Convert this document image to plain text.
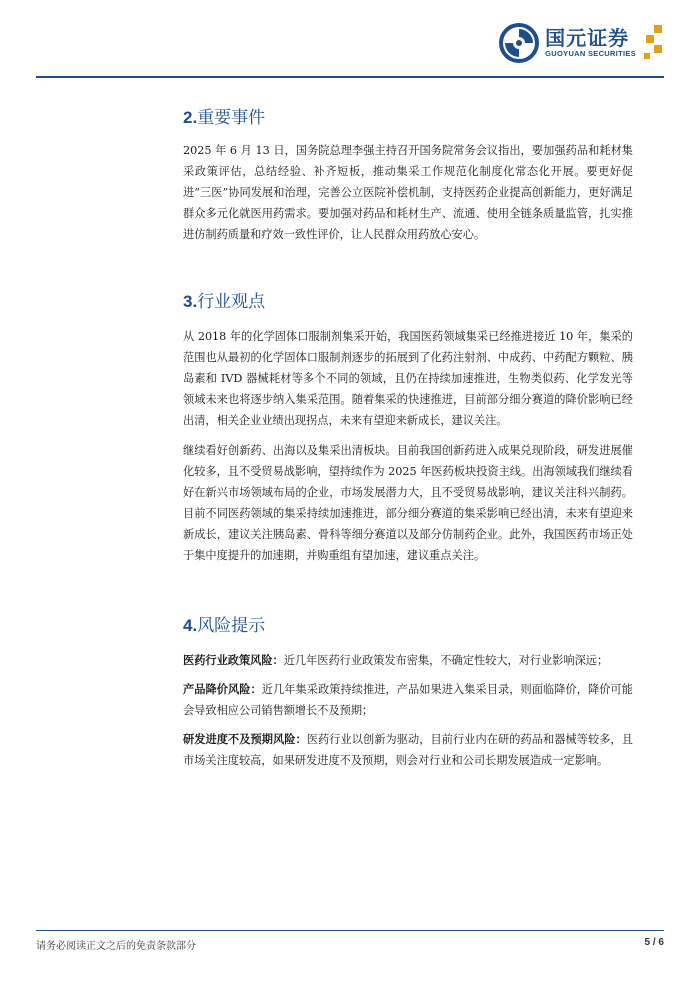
国元证券
GUOYUAN SECURITIES
2.重要事件

2025 年 6 月 13 日，国务院总理李强主持召开国务院常务会议指出，要加强药品和耗材集采政策评估，总结经验、补齐短板，推动集采工作规范化制度化常态化开展。要更好促进“三医”协同发展和治理，完善公立医院补偿机制，支持医药企业提高创新能力，更好满足群众多元化就医用药需求。要加强对药品和耗材生产、流通、使用全链条质量监管，扎实推进仿制药质量和疗效一致性评价，让人民群众用药放心安心。

3.行业观点

从 2018 年的化学固体口服制剂集采开始，我国医药领域集采已经推进接近 10 年，集采的范围也从最初的化学固体口服制剂逐步的拓展到了化药注射剂、中成药、中药配方颗粒、胰岛素和 IVD 器械耗材等多个不同的领域，且仍在持续加速推进，生物类似药、化学发光等领域未来也将逐步纳入集采范围。随着集采的快速推进，目前部分细分赛道的降价影响已经出清，相关企业业绩出现拐点，未来有望迎来新成长，建议关注。

继续看好创新药、出海以及集采出清板块。目前我国创新药进入成果兑现阶段，研发进展催化较多，且不受贸易战影响，望持续作为 2025 年医药板块投资主线。出海领域我们继续看好在新兴市场领域布局的企业，市场发展潜力大，且不受贸易战影响，建议关注科兴制药。目前不同医药领域的集采持续加速推进，部分细分赛道的集采影响已经出清，未来有望迎来新成长，建议关注胰岛素、骨科等细分赛道以及部分仿制药企业。此外，我国医药市场正处于集中度提升的加速期，并购重组有望加速，建议重点关注。

4.风险提示

医药行业政策风险：近几年医药行业政策发布密集，不确定性较大，对行业影响深远；

产品降价风险：近几年集采政策持续推进，产品如果进入集采目录，则面临降价，降价可能会导致相应公司销售额增长不及预期；

研发进度不及预期风险：医药行业以创新为驱动，目前行业内在研的药品和器械等较多，且市场关注度较高，如果研发进度不及预期，则会对行业和公司长期发展造成一定影响。

请务必阅读正文之后的免责条款部分	5 / 6
